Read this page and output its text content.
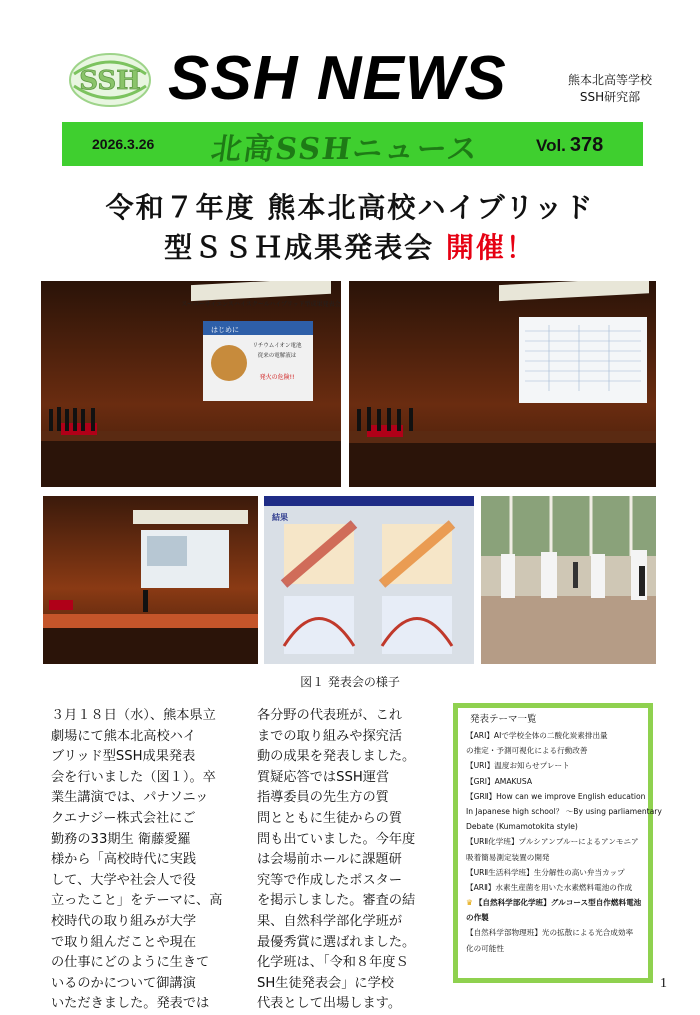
SSH SSH NEWS	熊本北高等学校
SSH研究部
2026.3.26 北高SSHニュース	Vol. 378
令和７年度 熊本北高校ハイブリッド
型ＳＳＨ成果発表会 開催！
スーパーサイエンスハイスクールハイブリッド型成果発表会
はじめに
リチウムイオン電池
従来の電解液は
発火の危険!!
結果
図１ 発表会の様子
３月１８日（水）、熊本県立
劇場にて熊本北高校ハイ
ブリッド型SSH成果発表
会を行いました（図１）。卒
業生講演では、パナソニッ
クエナジー株式会社にご
勤務の33期生 衛藤愛羅
様から「高校時代に実践
して、大学や社会人で役
立ったこと」をテーマに、高
校時代の取り組みが大学
で取り組んだことや現在
の仕事にどのように生きて
いるのかについて御講演
いただきました。発表では
各分野の代表班が、これ
までの取り組みや探究活
動の成果を発表しました。
質疑応答ではSSH運営
指導委員の先生方の質
問とともに生徒からの質
問も出ていました。今年度
は会場前ホールに課題研
究等で作成したポスター
を掲示しました。審査の結
果、自然科学部化学班が
最優秀賞に選ばれました。
化学班は、「令和８年度Ｓ
SH生徒発表会」に学校
代表として出場します。
発表テーマ一覧
【ARⅠ】AIで学校全体の二酸化炭素排出量
の推定・予測可視化による行動改善
【URⅠ】温度お知らせプレート
【GRⅠ】AMAKUSA
【GRⅡ】How can we improve English education
In Japanese high school？ ～By using parliamentary
Debate (Kumamotokita style)
【URⅡ化学班】プルシアンブルーによるアンモニア
吸着簡易測定装置の開発
【URⅡ生活科学班】生分解性の高い弁当カップ
【ARⅡ】水素生産菌を用いた水素燃料電池の作成
♛ 【自然科学部化学班】グルコース型自作燃料電池
の作製
【自然科学部物理班】光の拡散による光合成効率
化の可能性
1
